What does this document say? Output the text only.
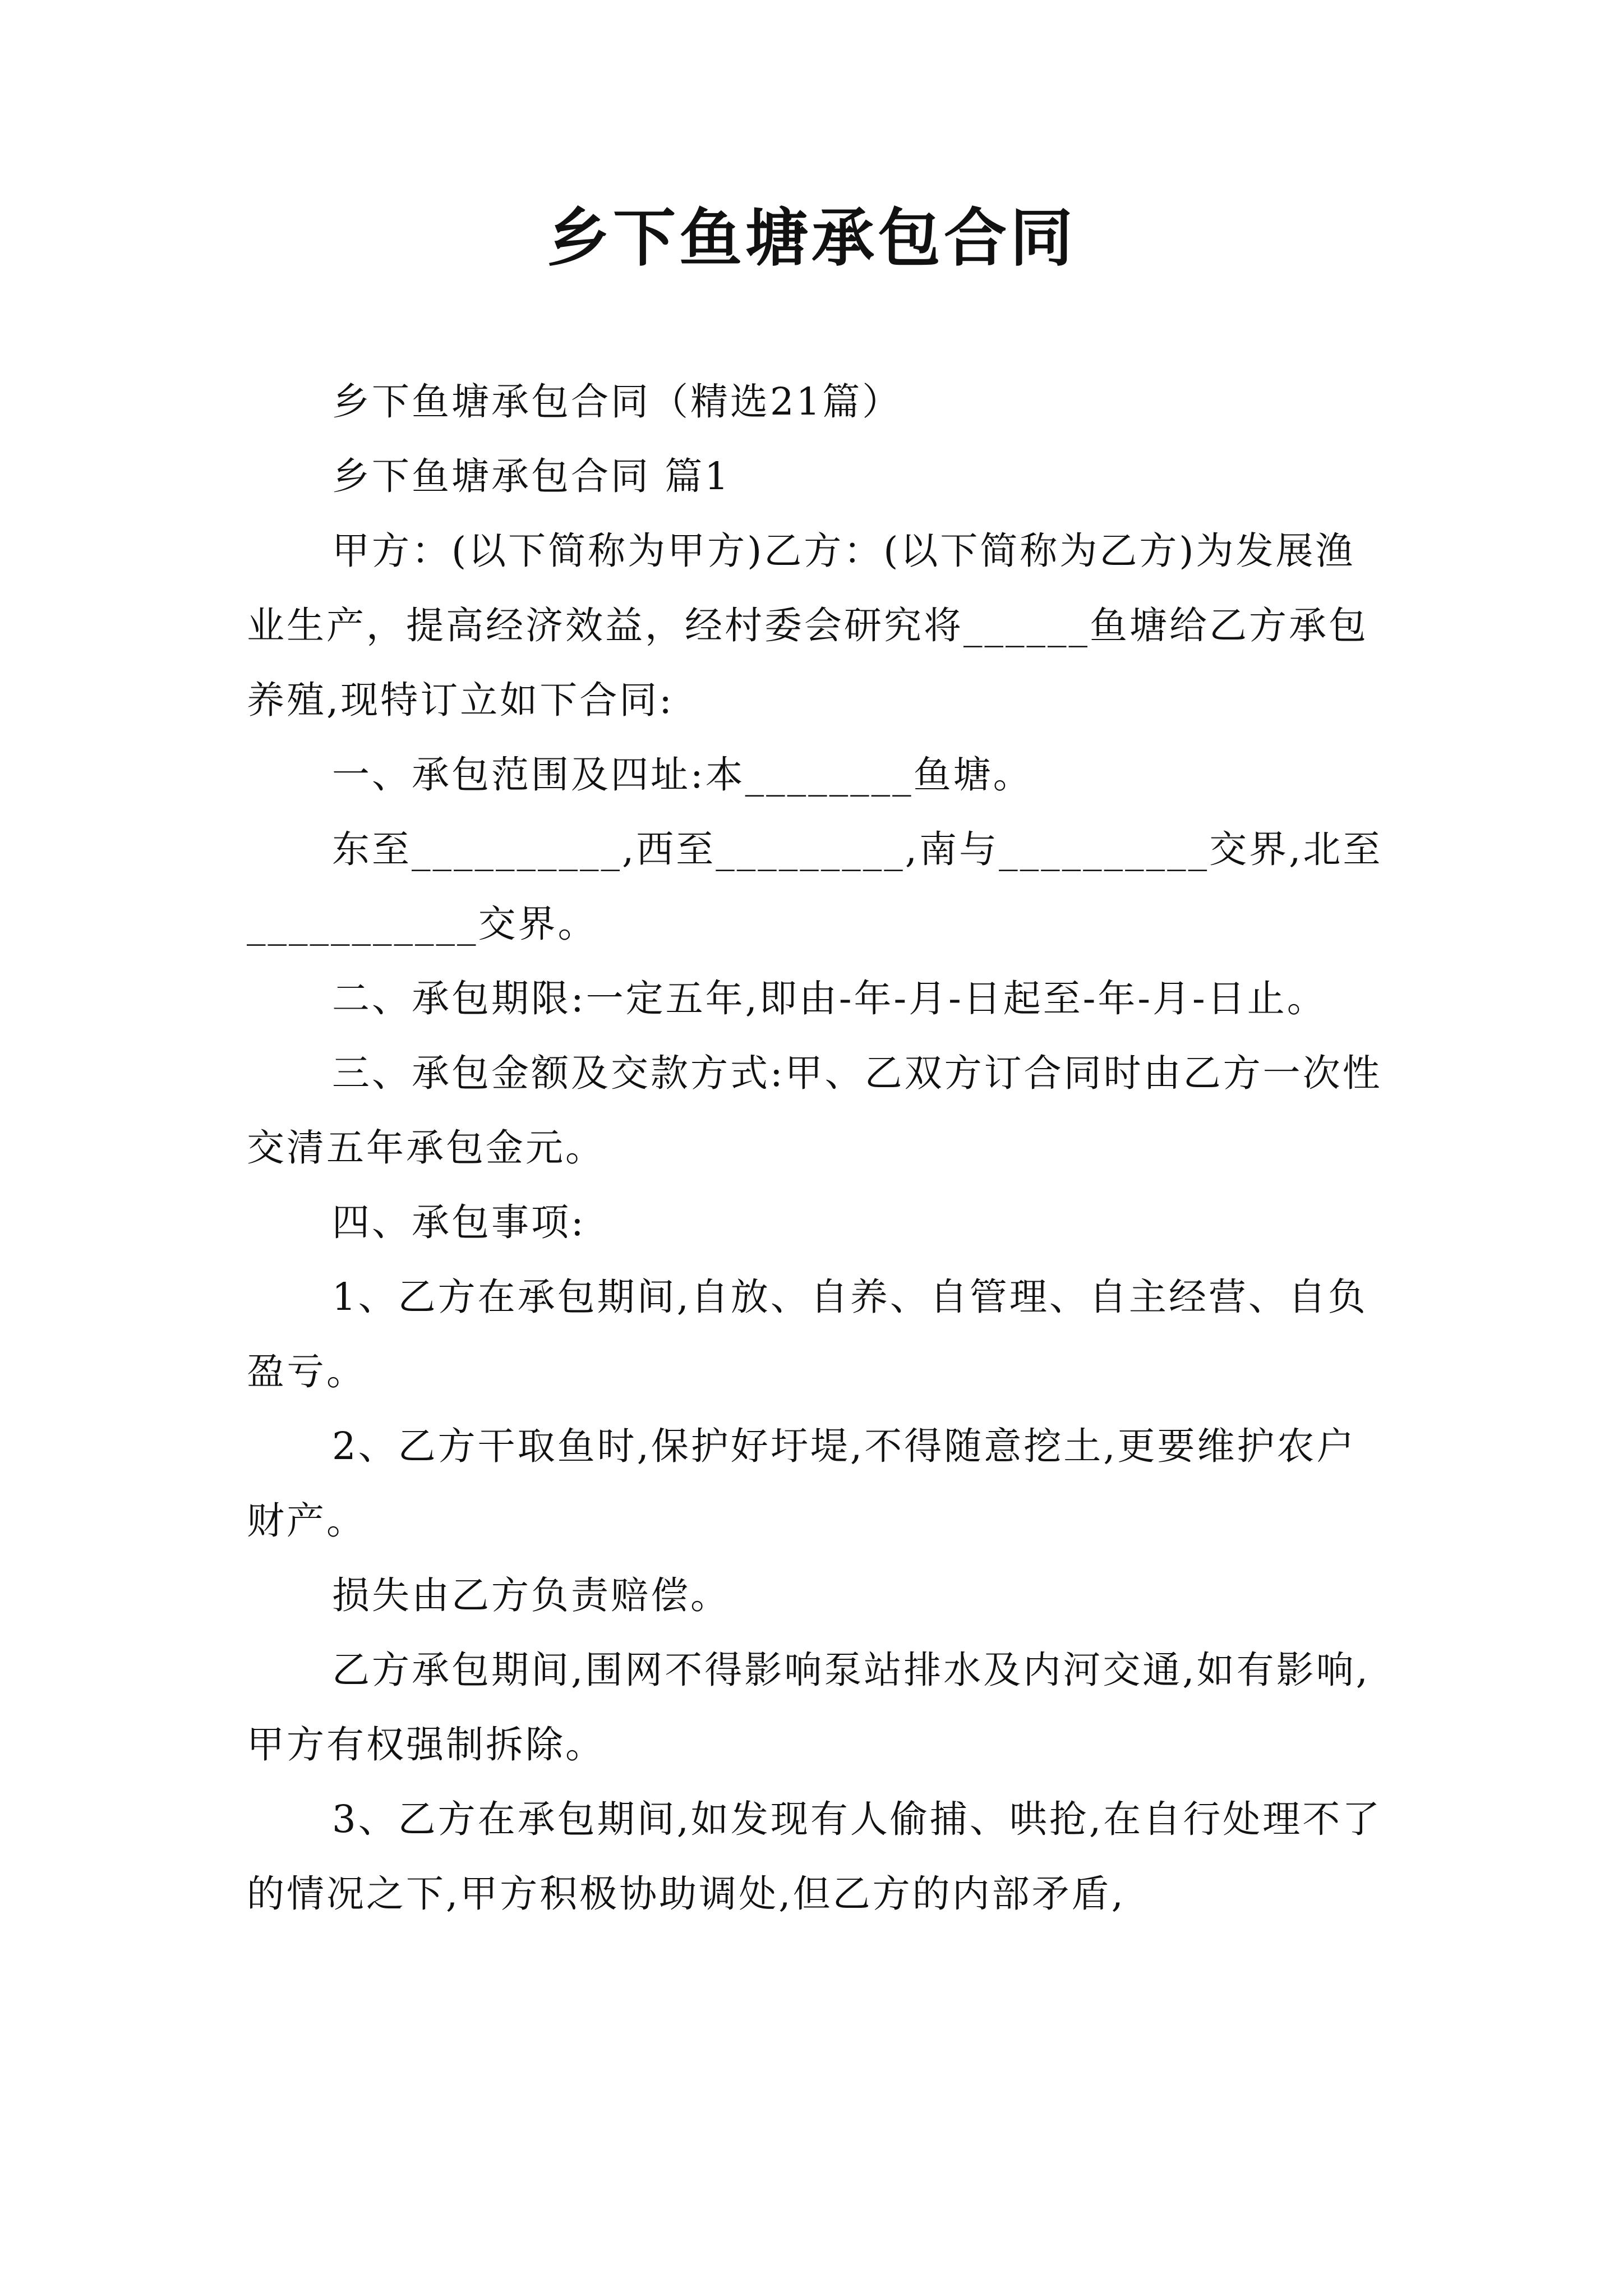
乡下鱼塘承包合同

乡下鱼塘承包合同（精选21篇）

乡下鱼塘承包合同 篇1

甲方：(以下简称为甲方)乙方：(以下简称为乙方)为发展渔业生产，提高经济效益，经村委会研究将______鱼塘给乙方承包养殖,现特订立如下合同:

一、承包范围及四址:本________鱼塘。

东至__________,西至_________,南与__________交界,北至___________交界。

二、承包期限:一定五年,即由-年-月-日起至-年-月-日止。

三、承包金额及交款方式:甲、乙双方订合同时由乙方一次性交清五年承包金元。

四、承包事项:

1、乙方在承包期间,自放、自养、自管理、自主经营、自负盈亏。

2、乙方干取鱼时,保护好圩堤,不得随意挖土,更要维护农户财产。

损失由乙方负责赔偿。

乙方承包期间,围网不得影响泵站排水及内河交通,如有影响,甲方有权强制拆除。

3、乙方在承包期间,如发现有人偷捕、哄抢,在自行处理不了的情况之下,甲方积极协助调处,但乙方的内部矛盾,
